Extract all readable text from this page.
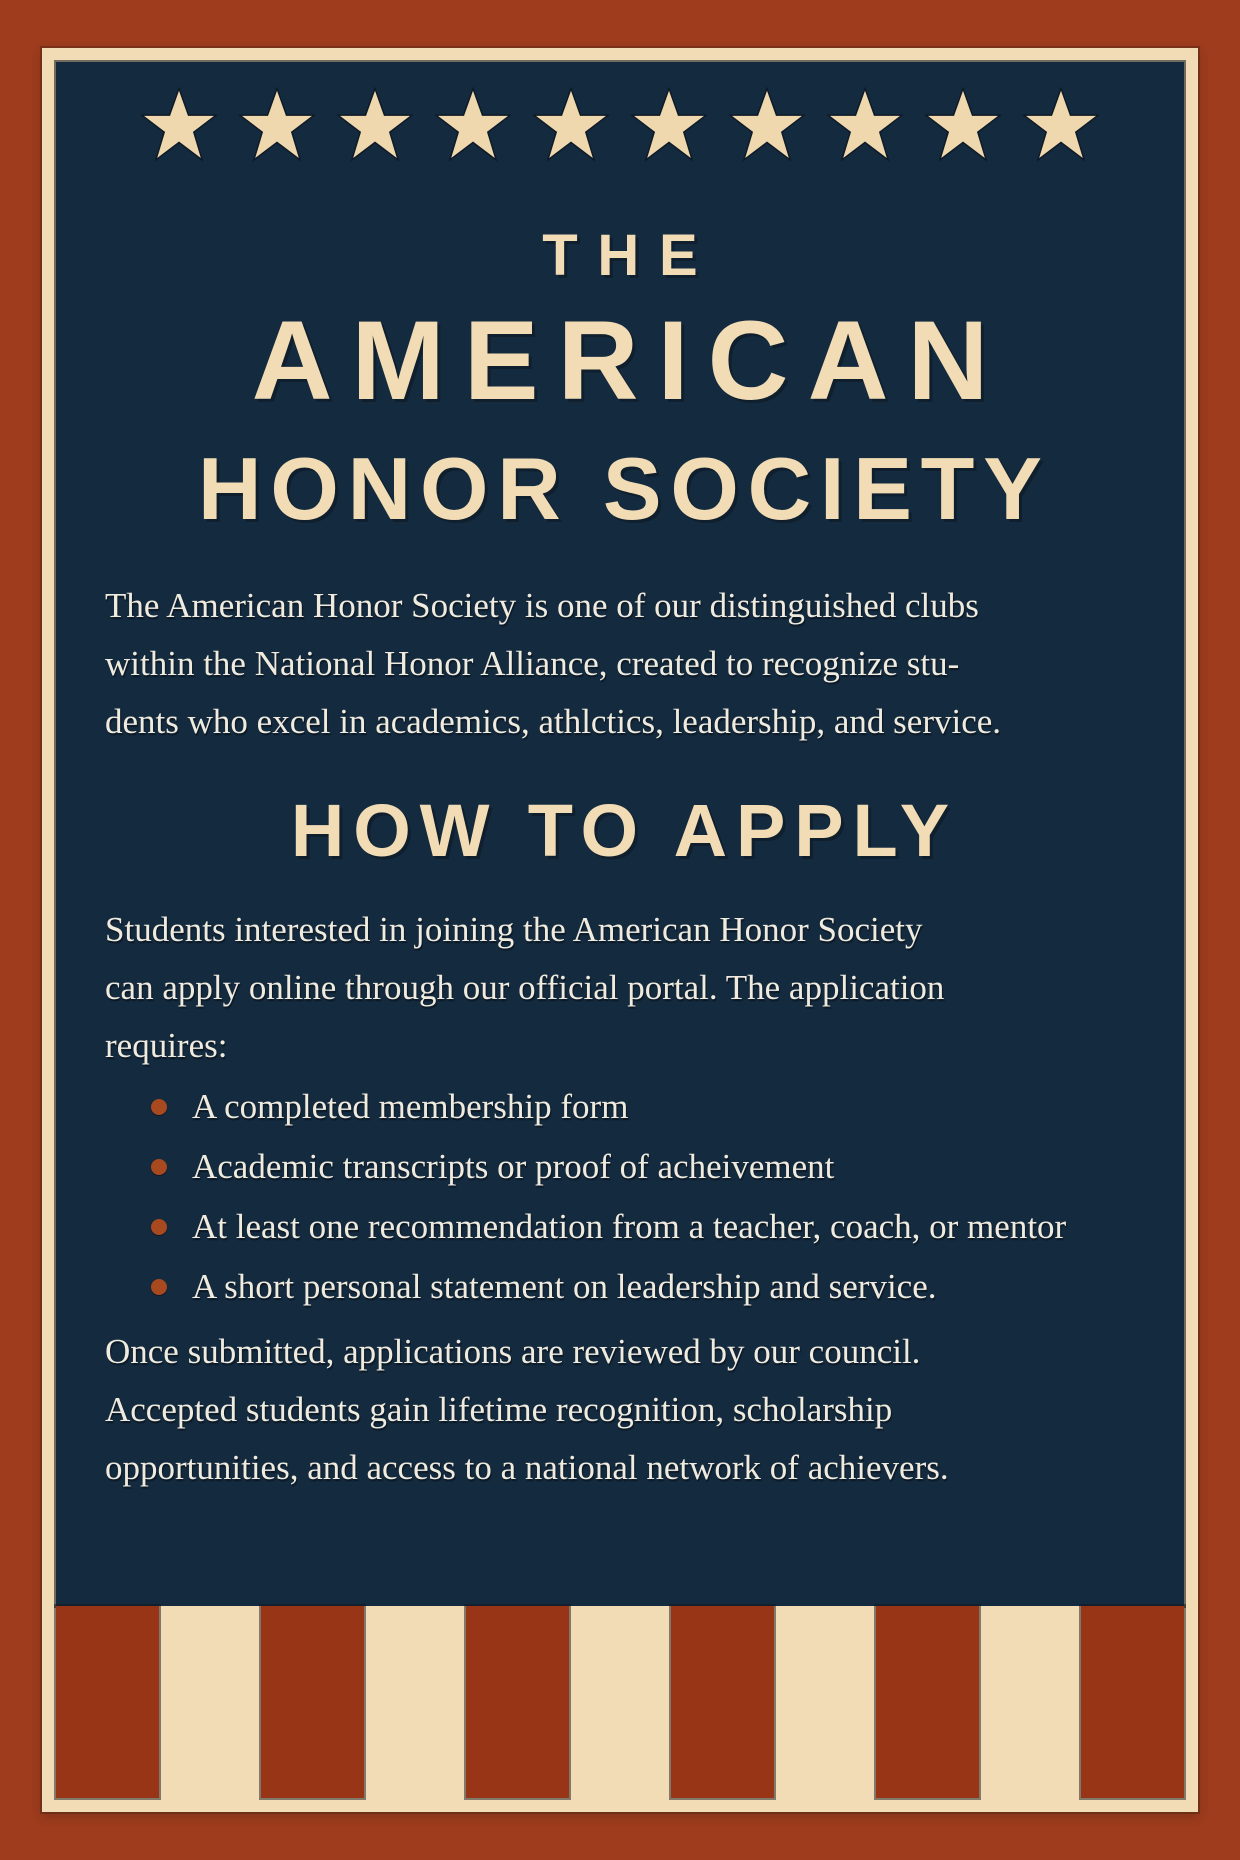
THE
AMERICAN
HONOR SOCIETY

The American Honor Society is one of our distinguished clubs
within the National Honor Alliance, created to recognize stu-
dents who excel in academics, athlctics, leadership, and service.

HOW TO APPLY

Students interested in joining the American Honor Society
can apply online through our official portal. The application
requires:

A completed membership form
Academic transcripts or proof of acheivement
At least one recommendation from a teacher, coach, or mentor
A short personal statement on leadership and service.

Once submitted, applications are reviewed by our council.
Accepted students gain lifetime recognition, scholarship
opportunities, and access to a national network of achievers.
